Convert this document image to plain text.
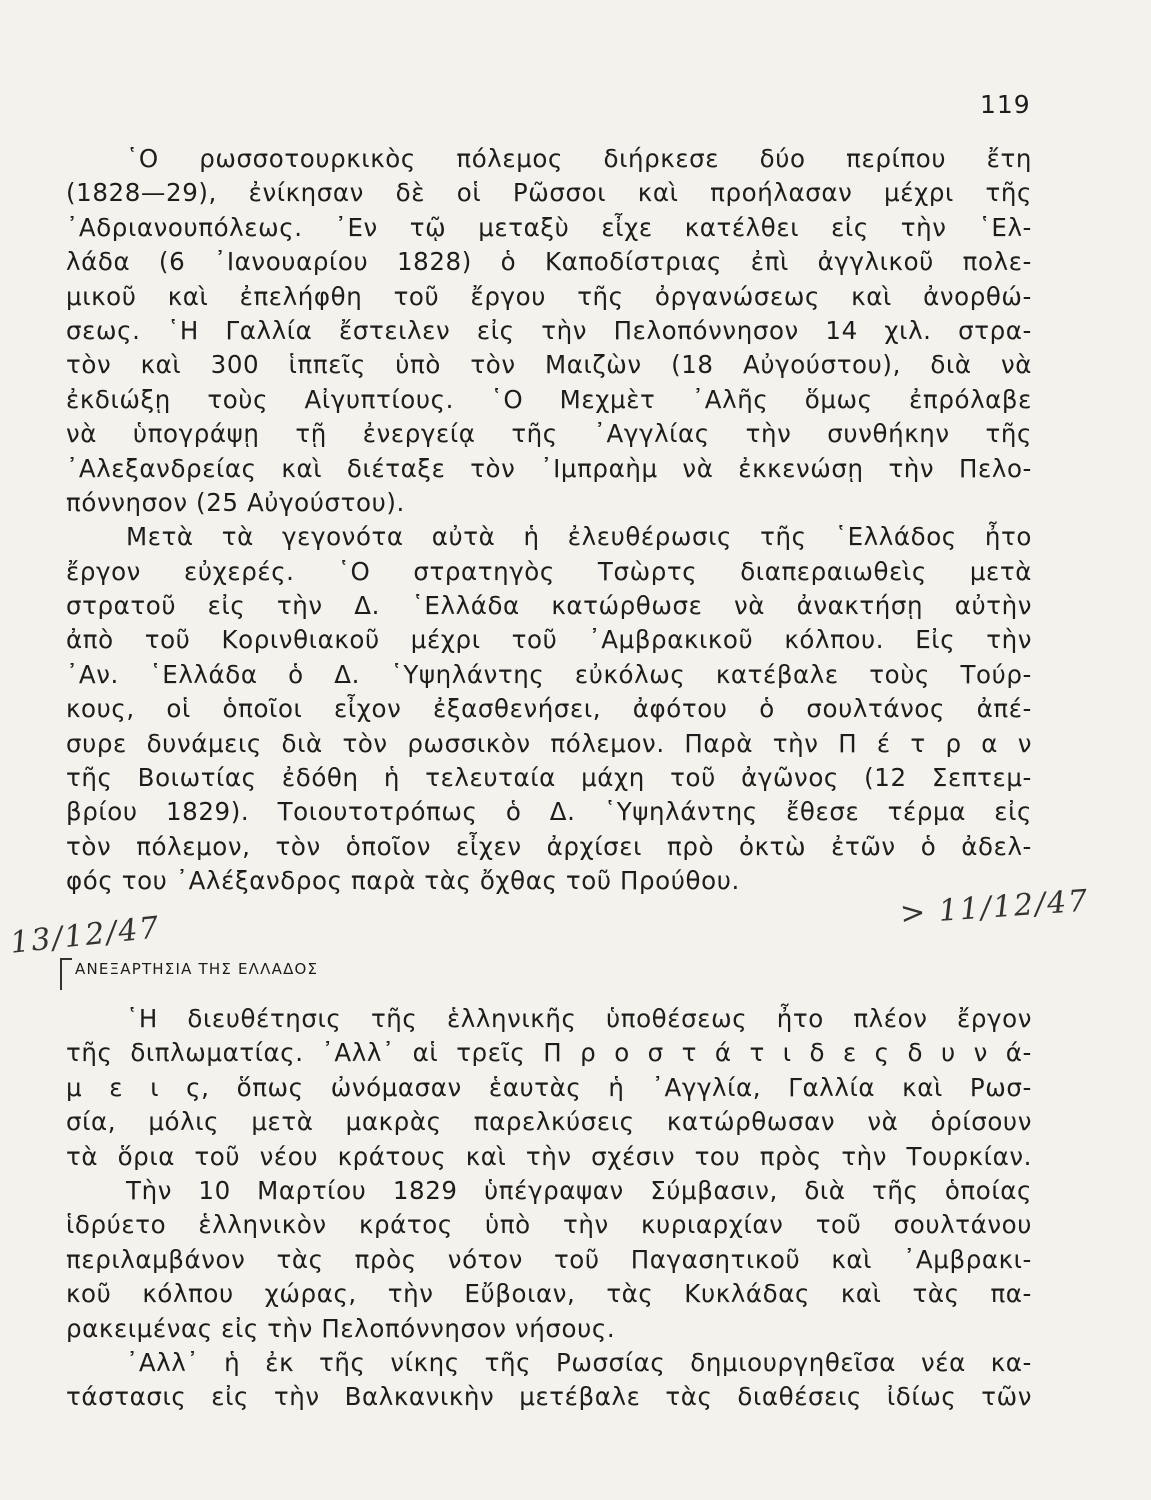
119
῾Ο ρωσσοτουρκικὸς πόλεμος διήρκεσε δύο περίπου ἔτη
(1828—29), ἐνίκησαν δὲ οἱ Ρῶσσοι καὶ προήλασαν μέχρι τῆς
᾿Αδριανουπόλεως. ᾿Εν τῷ μεταξὺ εἶχε κατέλθει εἰς τὴν ῾Ελ-
λάδα (6 ᾿Ιανουαρίου 1828) ὁ Καποδίστριας ἐπὶ ἀγγλικοῦ πολε-
μικοῦ καὶ ἐπελήφθη τοῦ ἔργου τῆς ὀργανώσεως καὶ ἀνορθώ-
σεως. ῾Η Γαλλία ἔστειλεν εἰς τὴν Πελοπόννησον 14 χιλ. στρα-
τὸν καὶ 300 ἱππεῖς ὑπὸ τὸν Μαιζὼν (18 Αὐγούστου), διὰ νὰ
ἐκδιώξῃ τοὺς Αἰγυπτίους. ῾Ο Μεχμὲτ ᾿Αλῆς ὅμως ἐπρόλαβε
νὰ ὑπογράψῃ τῇ ἐνεργείᾳ τῆς ᾿Αγγλίας τὴν συνθήκην τῆς
᾿Αλεξανδρείας καὶ διέταξε τὸν ᾿Ιμπραὴμ νὰ ἐκκενώσῃ τὴν Πελο-
πόννησον (25 Αὐγούστου).
Μετὰ τὰ γεγονότα αὐτὰ ἡ ἐλευθέρωσις τῆς ῾Ελλάδος ἦτο
ἔργον εὐχερές. ῾Ο στρατηγὸς Τσὼρτς διαπεραιωθεὶς μετὰ
στρατοῦ εἰς τὴν Δ. ῾Ελλάδα κατώρθωσε νὰ ἀνακτήσῃ αὐτὴν
ἀπὸ τοῦ Κορινθιακοῦ μέχρι τοῦ ᾿Αμβρακικοῦ κόλπου. Εἰς τὴν
᾿Αν. ῾Ελλάδα ὁ Δ. ῾Υψηλάντης εὐκόλως κατέβαλε τοὺς Τούρ-
κους, οἱ ὁποῖοι εἶχον ἐξασθενήσει, ἀφότου ὁ σουλτάνος ἀπέ-
συρε δυνάμεις διὰ τὸν ρωσσικὸν πόλεμον. Παρὰ τὴν Π έ τ ρ α ν
τῆς Βοιωτίας ἐδόθη ἡ τελευταία μάχη τοῦ ἀγῶνος (12 Σεπτεμ-
βρίου 1829). Τοιουτοτρόπως ὁ Δ. ῾Υψηλάντης ἔθεσε τέρμα εἰς
τὸν πόλεμον, τὸν ὁποῖον εἶχεν ἀρχίσει πρὸ ὀκτὼ ἐτῶν ὁ ἀδελ-
φός του ᾿Αλέξανδρος παρὰ τὰς ὄχθας τοῦ Προύθου.
> 11/12/47
13/12/47
ΑΝΕΞΑΡΤΗΣΙΑ ΤΗΣ ΕΛΛΑΔΟΣ
῾Η διευθέτησις τῆς ἑλληνικῆς ὑποθέσεως ἦτο πλέον ἔργον
τῆς διπλωματίας. ᾿Αλλ᾿ αἱ τρεῖς Π ρ ο σ τ ά τ ι δ ε ς δ υ ν ά-
μ ε ι ς, ὅπως ὠνόμασαν ἑαυτὰς ἡ ᾿Αγγλία, Γαλλία καὶ Ρωσ-
σία, μόλις μετὰ μακρὰς παρελκύσεις κατώρθωσαν νὰ ὁρίσουν
τὰ ὅρια τοῦ νέου κράτους καὶ τὴν σχέσιν του πρὸς τὴν Τουρκίαν.
Τὴν 10 Μαρτίου 1829 ὑπέγραψαν Σύμβασιν, διὰ τῆς ὁποίας
ἱδρύετο ἑλληνικὸν κράτος ὑπὸ τὴν κυριαρχίαν τοῦ σουλτάνου
περιλαμβάνον τὰς πρὸς νότον τοῦ Παγασητικοῦ καὶ ᾿Αμβρακι-
κοῦ κόλπου χώρας, τὴν Εὔβοιαν, τὰς Κυκλάδας καὶ τὰς πα-
ρακειμένας εἰς τὴν Πελοπόννησον νήσους.
᾿Αλλ᾿ ἡ ἐκ τῆς νίκης τῆς Ρωσσίας δημιουργηθεῖσα νέα κα-
τάστασις εἰς τὴν Βαλκανικὴν μετέβαλε τὰς διαθέσεις ἰδίως τῶν
